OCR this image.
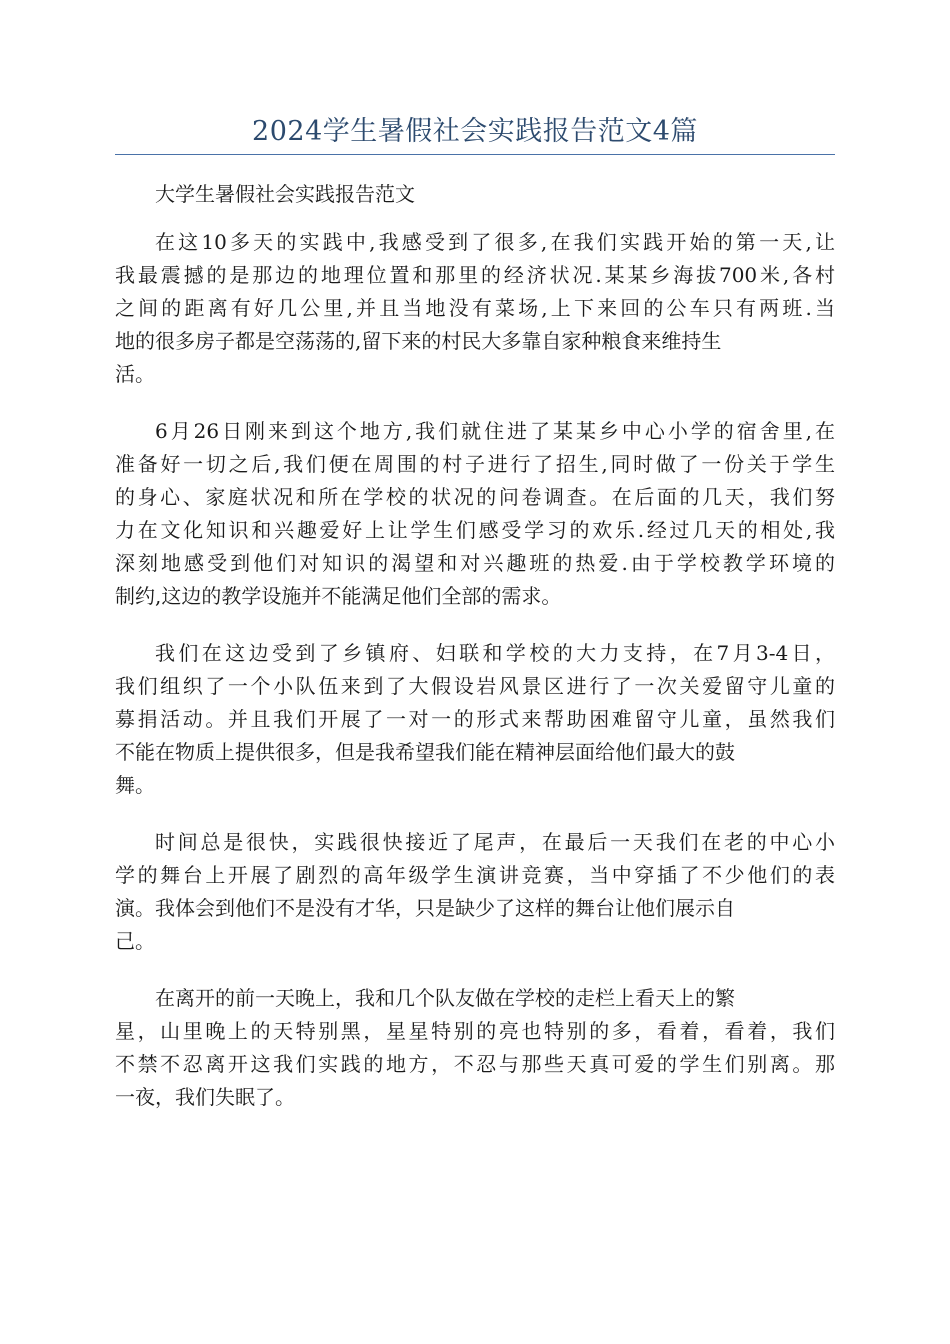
2024学生暑假社会实践报告范文4篇
大学生暑假社会实践报告范文
在这10多天的实践中,我感受到了很多,在我们实践开始的第一天,让
我最震撼的是那边的地理位置和那里的经济状况.某某乡海拔700米,各村
之间的距离有好几公里,并且当地没有菜场,上下来回的公车只有两班.当
地的很多房子都是空荡荡的,留下来的村民大多靠自家种粮食来维持生
活。
6月26日刚来到这个地方,我们就住进了某某乡中心小学的宿舍里,在
准备好一切之后,我们便在周围的村子进行了招生,同时做了一份关于学生
的身心、家庭状况和所在学校的状况的问卷调查。在后面的几天，我们努
力在文化知识和兴趣爱好上让学生们感受学习的欢乐.经过几天的相处,我
深刻地感受到他们对知识的渴望和对兴趣班的热爱.由于学校教学环境的
制约,这边的教学设施并不能满足他们全部的需求。
我们在这边受到了乡镇府、妇联和学校的大力支持，在7月3-4日，
我们组织了一个小队伍来到了大假设岩风景区进行了一次关爱留守儿童的
募捐活动。并且我们开展了一对一的形式来帮助困难留守儿童，虽然我们
不能在物质上提供很多，但是我希望我们能在精神层面给他们最大的鼓
舞。
时间总是很快，实践很快接近了尾声，在最后一天我们在老的中心小
学的舞台上开展了剧烈的高年级学生演讲竞赛，当中穿插了不少他们的表
演。我体会到他们不是没有才华，只是缺少了这样的舞台让他们展示自
己。
在离开的前一天晚上，我和几个队友做在学校的走栏上看天上的繁
星，山里晚上的天特别黑，星星特别的亮也特别的多，看着，看着，我们
不禁不忍离开这我们实践的地方，不忍与那些天真可爱的学生们别离。那
一夜，我们失眠了。
